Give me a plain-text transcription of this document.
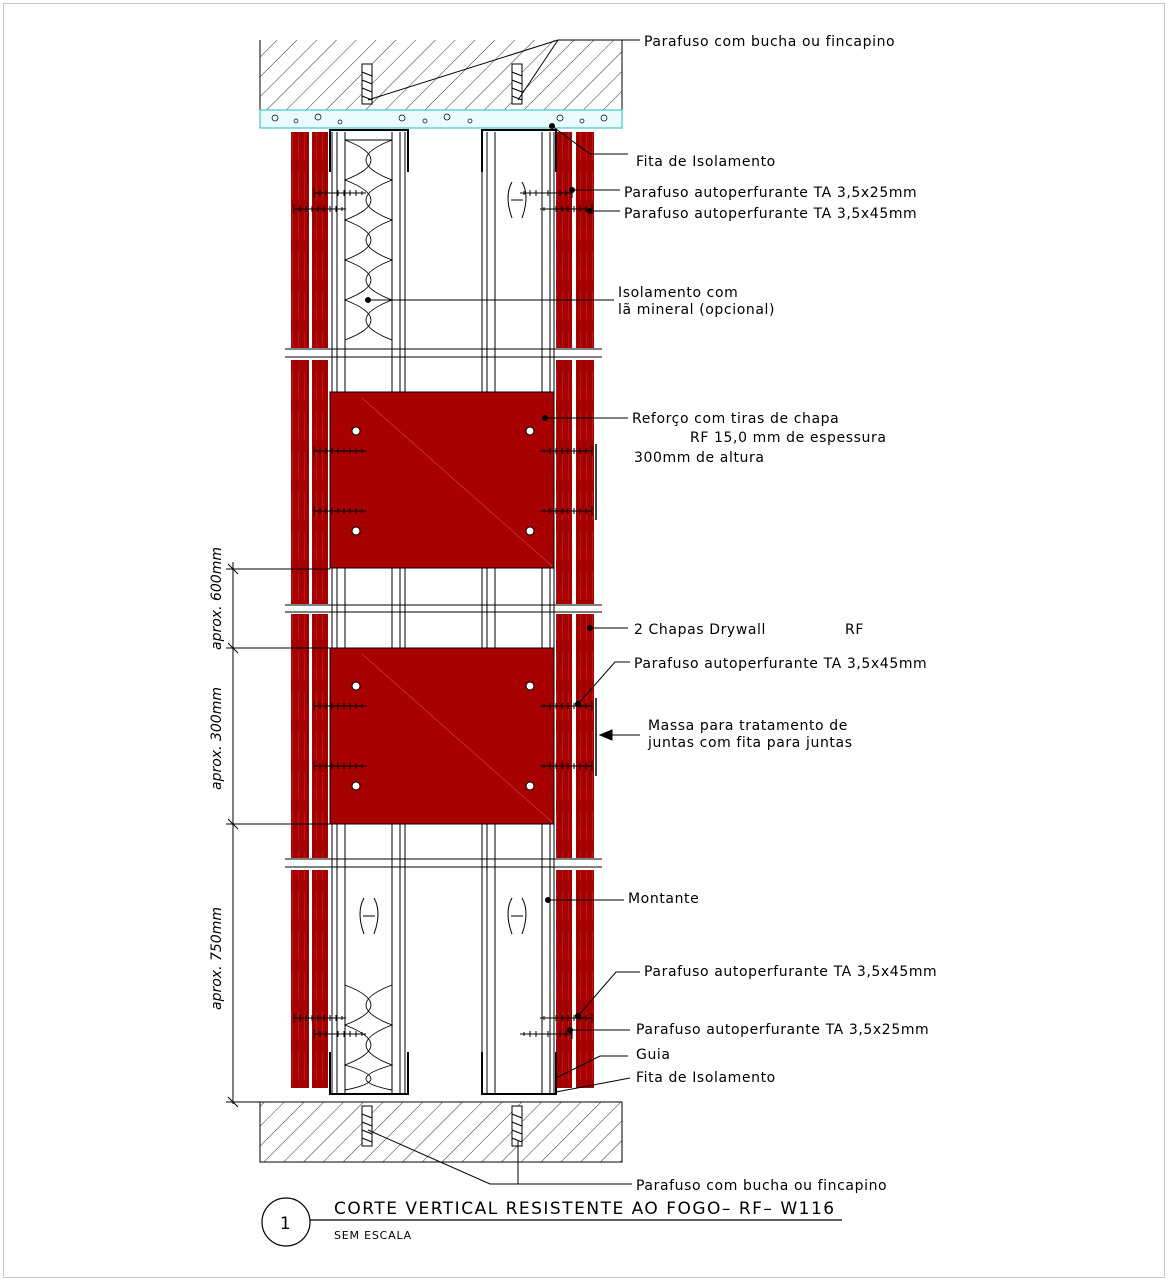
aprox. 600mm
aprox. 300mm
aprox. 750mm
Parafuso com bucha ou fincapino
Fita de Isolamento
Parafuso autoperfurante TA 3,5x25mm
Parafuso autoperfurante TA 3,5x45mm
Isolamento com
lã mineral (opcional)
Reforço com tiras de chapa
RF 15,0 mm de espessura
300mm de altura
2 Chapas Drywall	RF
Parafuso autoperfurante TA 3,5x45mm
Massa para tratamento de
juntas com fita para juntas
Montante
Parafuso autoperfurante TA 3,5x45mm
Parafuso autoperfurante TA 3,5x25mm
Guia
Fita de Isolamento
Parafuso com bucha ou fincapino
1
CORTE VERTICAL RESISTENTE AO FOGO– RF– W116
SEM ESCALA
